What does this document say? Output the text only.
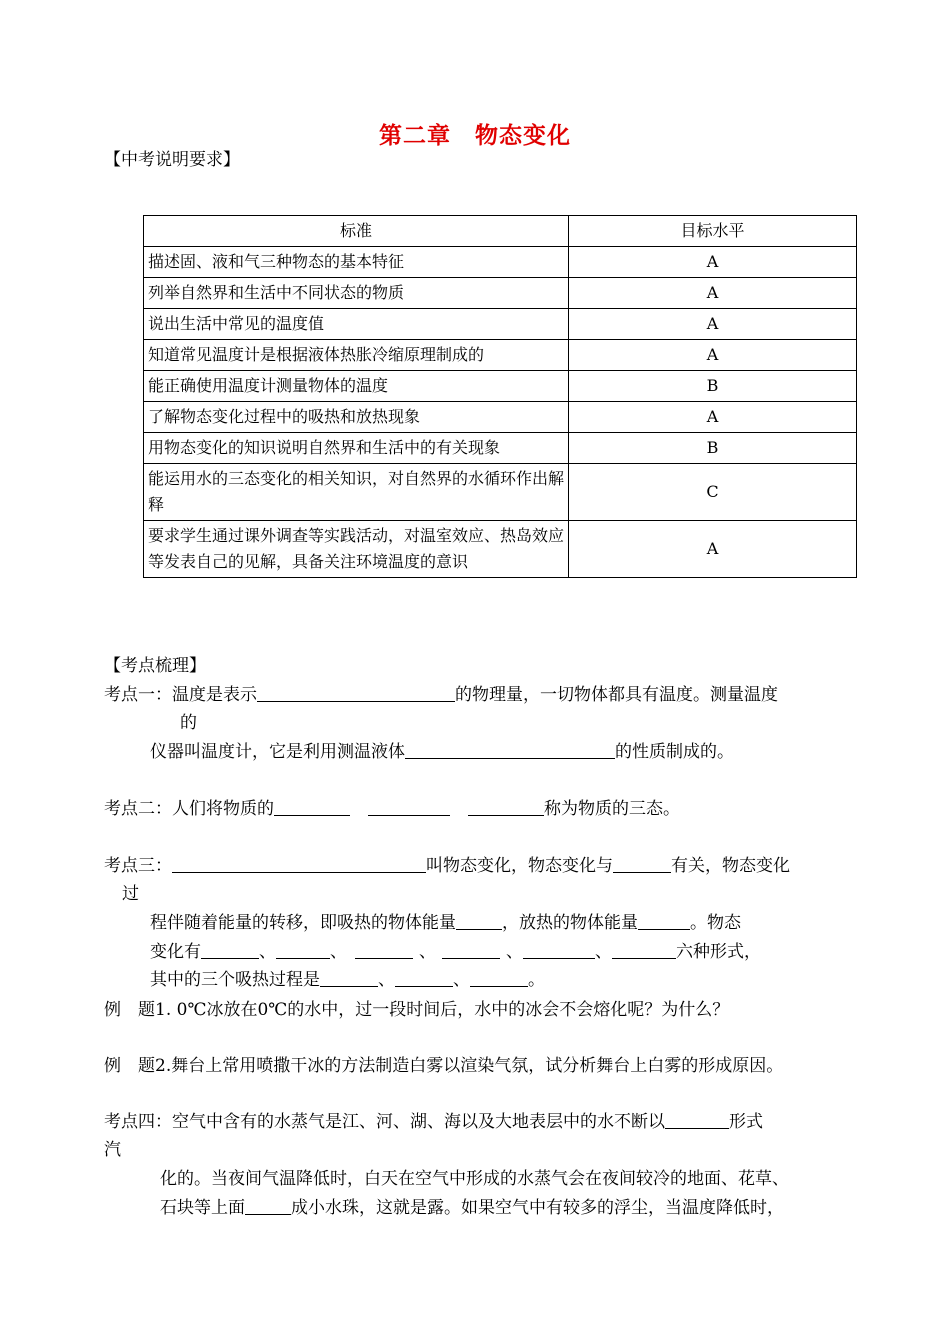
第二章　物态变化
【中考说明要求】
标准	目标水平
描述固、液和气三种物态的基本特征	A
列举自然界和生活中不同状态的物质	A
说出生活中常见的温度值	A
知道常见温度计是根据液体热胀冷缩原理制成的	A
能正确使用温度计测量物体的温度	B
了解物态变化过程中的吸热和放热现象	A
用物态变化的知识说明自然界和生活中的有关现象	B
能运用水的三态变化的相关知识，对自然界的水循环作出解释	C
要求学生通过课外调查等实践活动，对温室效应、热岛效应等发表自己的见解，具备关注环境温度的意识	A
【考点梳理】
考点一：温度是表示	的物理量，一切物体都具有温度。测量温度
的
仪器叫温度计，它是利用测温液体	的性质制成的。
考点二：人们将物质的	称为物质的三态。
考点三：	叫物态变化，物态变化与	有关，物态变化
过
程伴随着能量的转移，即吸热的物体能量	，放热的物体能量	。物态
变化有	、	、	、	、	、	六种形式，
其中的三个吸热过程是	、	、	。
例　题1. 0℃冰放在0℃的水中，过一段时间后，水中的冰会不会熔化呢？为什么？
例　题2.舞台上常用喷撒干冰的方法制造白雾以渲染气氛，试分析舞台上白雾的形成原因。
考点四：空气中含有的水蒸气是江、河、湖、海以及大地表层中的水不断以	形式
汽
化的。当夜间气温降低时，白天在空气中形成的水蒸气会在夜间较冷的地面、花草、
石块等上面	成小水珠，这就是露。如果空气中有较多的浮尘，当温度降低时，
